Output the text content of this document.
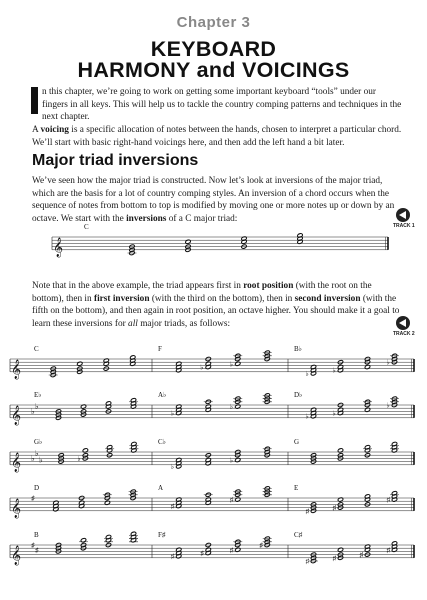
Chapter 3
KEYBOARD
HARMONY and VOICINGS
n this chapter, we’re going to work on getting some important keyboard “tools” under our fingers in all keys. This will help us to tackle the country comping patterns and techniques in the next chapter.
A voicing is a specific allocation of notes between the hands, chosen to interpret a particular chord. We’ll start with basic right-hand voicings here, and then add the left hand a bit later.
Major triad inversions
We’ve seen how the major triad is constructed. Now let’s look at inversions of the major triad, which are the basis for a lot of country comping styles. An inversion of a chord occurs when the sequence of notes from bottom to top is modified by moving one or more notes up or down by an octave. We start with the inversions of a C major triad:
Note that in the above example, the triad appears first in root position (with the root on the bottom), then in first inversion (with the third on the bottom), then in second inversion (with the fifth on the bottom), and then again in root position, an octave higher. You should make it a goal to learn these inversions for all major triads, as follows:
TRACK 1
TRACK 2
𝄞
C
𝄞
C	F
♭	♭
B♭
♭	♭
♭
𝄞
E♭
♭
♭
A♭
♭
♭
D♭
♭	♭
♭
𝄞
G♭
♭
♭
♭	♭
C♭
♭
♭
G
𝄞
D
♯
A
♯
♯
E
♯	♯
♯
𝄞
B
♯
♯
F♯
♯	♯	♯
♯
C♯
♯	♯	♯
♯
